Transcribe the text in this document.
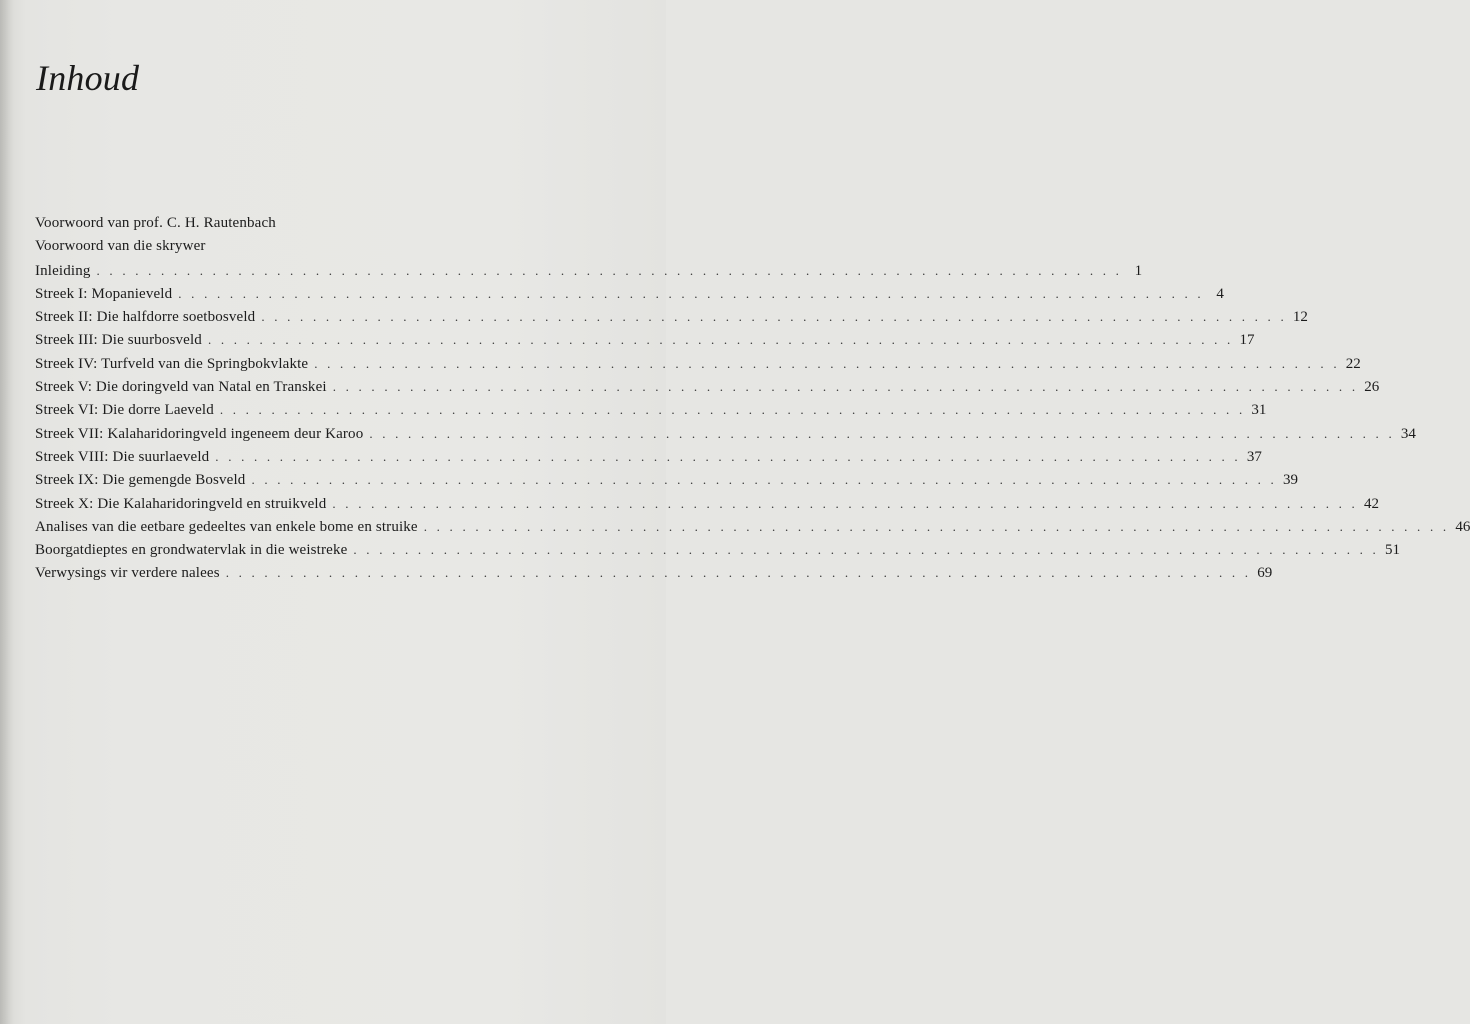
Inhoud
Voorwoord van prof. C. H. Rautenbach
Voorwoord van die skrywer
Inleiding . . . . . . . . . . . . . . . . . . . . . . . . . . . . . . . . . . . . . . . . . . . . . . . . . . . . . . . . . . . . . . . . . . . . . . . . . . . . . . . . 1
Streek I: Mopanieveld . . . . . . . . . . . . . . . . . . . . . . . . . . . . . . . . . . . . . . . . . . . . . . . . . . . . . . . . . . . . . . . . . . . . . . . . . . . . . . . . 4
Streek II: Die halfdorre soetbosveld . . . . . . . . . . . . . . . . . . . . . . . . . . . . . . . . . . . . . . . . . . . . . . . . . . . . . . . . . . . . . . . . . . . . . . . . . . . . . . . . 12
Streek III: Die suurbosveld . . . . . . . . . . . . . . . . . . . . . . . . . . . . . . . . . . . . . . . . . . . . . . . . . . . . . . . . . . . . . . . . . . . . . . . . . . . . . . . . 17
Streek IV: Turfveld van die Springbokvlakte . . . . . . . . . . . . . . . . . . . . . . . . . . . . . . . . . . . . . . . . . . . . . . . . . . . . . . . . . . . . . . . . . . . . . . . . . . . . . . . . 22
Streek V: Die doringveld van Natal en Transkei . . . . . . . . . . . . . . . . . . . . . . . . . . . . . . . . . . . . . . . . . . . . . . . . . . . . . . . . . . . . . . . . . . . . . . . . . . . . . . . . 26
Streek VI: Die dorre Laeveld . . . . . . . . . . . . . . . . . . . . . . . . . . . . . . . . . . . . . . . . . . . . . . . . . . . . . . . . . . . . . . . . . . . . . . . . . . . . . . . . 31
Streek VII: Kalaharidoringveld ingeneem deur Karoo . . . . . . . . . . . . . . . . . . . . . . . . . . . . . . . . . . . . . . . . . . . . . . . . . . . . . . . . . . . . . . . . . . . . . . . . . . . . . . . . 34
Streek VIII: Die suurlaeveld . . . . . . . . . . . . . . . . . . . . . . . . . . . . . . . . . . . . . . . . . . . . . . . . . . . . . . . . . . . . . . . . . . . . . . . . . . . . . . . . 37
Streek IX: Die gemengde Bosveld . . . . . . . . . . . . . . . . . . . . . . . . . . . . . . . . . . . . . . . . . . . . . . . . . . . . . . . . . . . . . . . . . . . . . . . . . . . . . . . . 39
Streek X: Die Kalaharidoringveld en struikveld . . . . . . . . . . . . . . . . . . . . . . . . . . . . . . . . . . . . . . . . . . . . . . . . . . . . . . . . . . . . . . . . . . . . . . . . . . . . . . . . 42
Analises van die eetbare gedeeltes van enkele bome en struike . . . . . . . . . . . . . . . . . . . . . . . . . . . . . . . . . . . . . . . . . . . . . . . . . . . . . . . . . . . . . . . . . . . . . . . . . . . . . . . . 46
Boorgatdieptes en grondwatervlak in die weistreke . . . . . . . . . . . . . . . . . . . . . . . . . . . . . . . . . . . . . . . . . . . . . . . . . . . . . . . . . . . . . . . . . . . . . . . . . . . . . . . . 51
Verwysings vir verdere nalees . . . . . . . . . . . . . . . . . . . . . . . . . . . . . . . . . . . . . . . . . . . . . . . . . . . . . . . . . . . . . . . . . . . . . . . . . . . . . . . . 69
